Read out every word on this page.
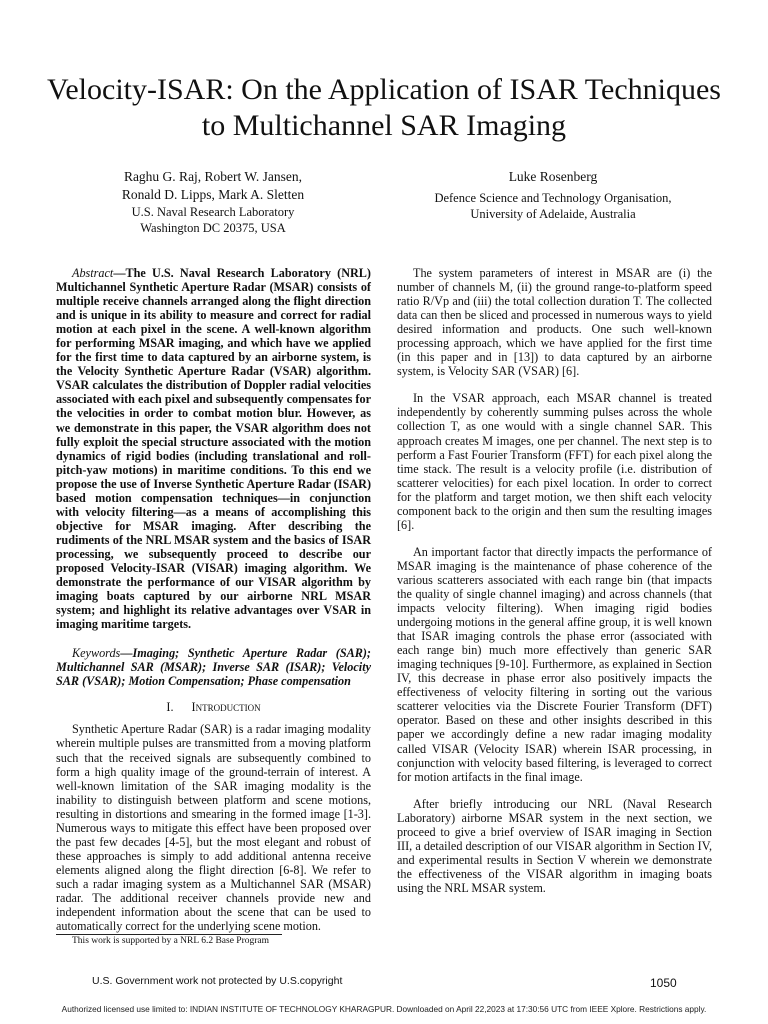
Velocity-ISAR: On the Application of ISAR Techniques to Multichannel SAR Imaging
Raghu G. Raj, Robert W. Jansen,
Ronald D. Lipps, Mark A. Sletten
U.S. Naval Research Laboratory
Washington DC 20375, USA
Luke Rosenberg
Defence Science and Technology Organisation,
University of Adelaide, Australia

Abstract—The U.S. Naval Research Laboratory (NRL) Multichannel Synthetic Aperture Radar (MSAR) consists of multiple receive channels arranged along the flight direction and is unique in its ability to measure and correct for radial motion at each pixel in the scene. A well-known algorithm for performing MSAR imaging, and which have we applied for the first time to data captured by an airborne system, is the Velocity Synthetic Aperture Radar (VSAR) algorithm. VSAR calculates the distribution of Doppler radial velocities associated with each pixel and subsequently compensates for the velocities in order to combat motion blur. However, as we demonstrate in this paper, the VSAR algorithm does not fully exploit the special structure associated with the motion dynamics of rigid bodies (including translational and roll-pitch-yaw motions) in maritime conditions. To this end we propose the use of Inverse Synthetic Aperture Radar (ISAR) based motion compensation techniques—in conjunction with velocity filtering—as a means of accomplishing this objective for MSAR imaging. After describing the rudiments of the NRL MSAR system and the basics of ISAR processing, we subsequently proceed to describe our proposed Velocity-ISAR (VISAR) imaging algorithm. We demonstrate the performance of our VISAR algorithm by imaging boats captured by our airborne NRL MSAR system; and highlight its relative advantages over VSAR in imaging maritime targets.

Keywords—Imaging; Synthetic Aperture Radar (SAR); Multichannel SAR (MSAR); Inverse SAR (ISAR); Velocity SAR (VSAR); Motion Compensation; Phase compensation

I. Introduction

Synthetic Aperture Radar (SAR) is a radar imaging modality wherein multiple pulses are transmitted from a moving platform such that the received signals are subsequently combined to form a high quality image of the ground-terrain of interest. A well-known limitation of the SAR imaging modality is the inability to distinguish between platform and scene motions, resulting in distortions and smearing in the formed image [1-3]. Numerous ways to mitigate this effect have been proposed over the past few decades [4-5], but the most elegant and robust of these approaches is simply to add additional antenna receive elements aligned along the flight direction [6-8]. We refer to such a radar imaging system as a Multichannel SAR (MSAR) radar. The additional receiver channels provide new and independent information about the scene that can be used to automatically correct for the underlying scene motion.

The system parameters of interest in MSAR are (i) the number of channels M, (ii) the ground range-to-platform speed ratio R/Vp and (iii) the total collection duration T. The collected data can then be sliced and processed in numerous ways to yield desired information and products. One such well-known processing approach, which we have applied for the first time (in this paper and in [13]) to data captured by an airborne system, is Velocity SAR (VSAR) [6].

In the VSAR approach, each MSAR channel is treated independently by coherently summing pulses across the whole collection T, as one would with a single channel SAR. This approach creates M images, one per channel. The next step is to perform a Fast Fourier Transform (FFT) for each pixel along the time stack. The result is a velocity profile (i.e. distribution of scatterer velocities) for each pixel location. In order to correct for the platform and target motion, we then shift each velocity component back to the origin and then sum the resulting images [6].

An important factor that directly impacts the performance of MSAR imaging is the maintenance of phase coherence of the various scatterers associated with each range bin (that impacts the quality of single channel imaging) and across channels (that impacts velocity filtering). When imaging rigid bodies undergoing motions in the general affine group, it is well known that ISAR imaging controls the phase error (associated with each range bin) much more effectively than generic SAR imaging techniques [9-10]. Furthermore, as explained in Section IV, this decrease in phase error also positively impacts the effectiveness of velocity filtering in sorting out the various scatterer velocities via the Discrete Fourier Transform (DFT) operator. Based on these and other insights described in this paper we accordingly define a new radar imaging modality called VISAR (Velocity ISAR) wherein ISAR processing, in conjunction with velocity based filtering, is leveraged to correct for motion artifacts in the final image.

After briefly introducing our NRL (Naval Research Laboratory) airborne MSAR system in the next section, we proceed to give a brief overview of ISAR imaging in Section III, a detailed description of our VISAR algorithm in Section IV, and experimental results in Section V wherein we demonstrate the effectiveness of the VISAR algorithm in imaging boats using the NRL MSAR system.

This work is supported by a NRL 6.2 Base Program
U.S. Government work not protected by U.S.copyright	1050
Authorized licensed use limited to: INDIAN INSTITUTE OF TECHNOLOGY KHARAGPUR. Downloaded on April 22,2023 at 17:30:56 UTC from IEEE Xplore. Restrictions apply.
